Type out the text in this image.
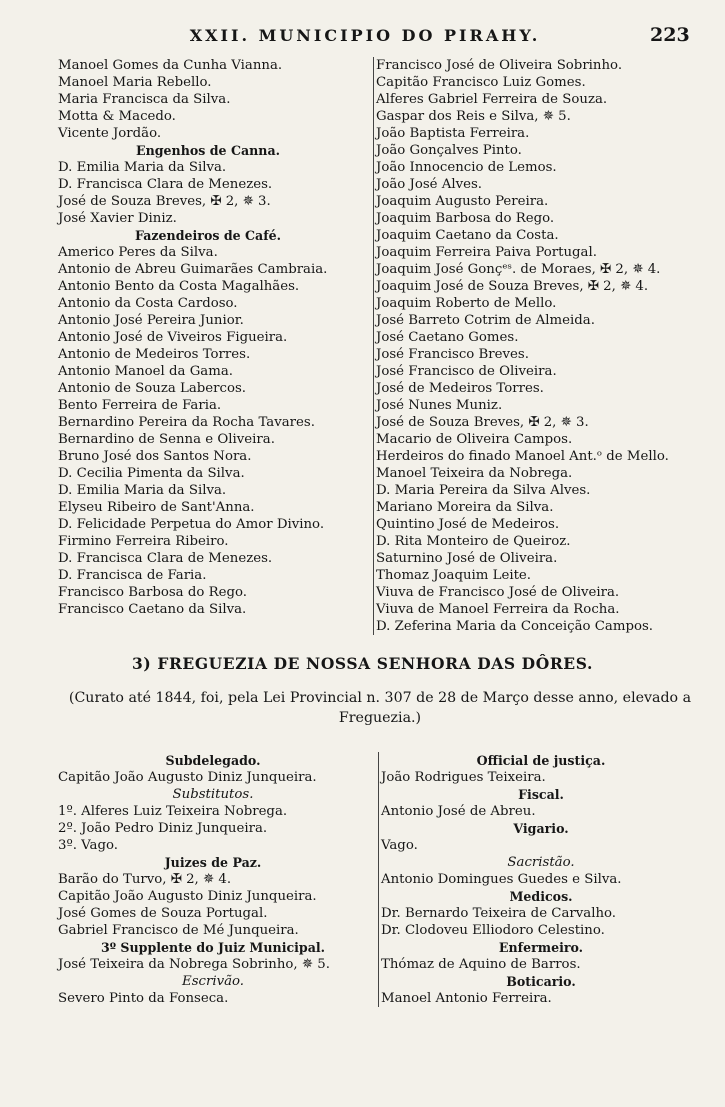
XXII. MUNICIPIO DO PIRAHY.	223
Manoel Gomes da Cunha Vianna.
Manoel Maria Rebello.
Maria Francisca da Silva.
Motta & Macedo.
Vicente Jordão.
Engenhos de Canna.
D. Emilia Maria da Silva.
D. Francisca Clara de Menezes.
José de Souza Breves, ✠ 2, ✵ 3.
José Xavier Diniz.
Fazendeiros de Café.
Americo Peres da Silva.
Antonio de Abreu Guimarães Cambraia.
Antonio Bento da Costa Magalhães.
Antonio da Costa Cardoso.
Antonio José Pereira Junior.
Antonio José de Viveiros Figueira.
Antonio de Medeiros Torres.
Antonio Manoel da Gama.
Antonio de Souza Labercos.
Bento Ferreira de Faria.
Bernardino Pereira da Rocha Tavares.
Bernardino de Senna e Oliveira.
Bruno José dos Santos Nora.
D. Cecilia Pimenta da Silva.
D. Emilia Maria da Silva.
Elyseu Ribeiro de Sant'Anna.
D. Felicidade Perpetua do Amor Divino.
Firmino Ferreira Ribeiro.
D. Francisca Clara de Menezes.
D. Francisca de Faria.
Francisco Barbosa do Rego.
Francisco Caetano da Silva.
Francisco José de Oliveira Sobrinho.
Capitão Francisco Luiz Gomes.
Alferes Gabriel Ferreira de Souza.
Gaspar dos Reis e Silva, ✵ 5.
João Baptista Ferreira.
João Gonçalves Pinto.
João Innocencio de Lemos.
João José Alves.
Joaquim Augusto Pereira.
Joaquim Barbosa do Rego.
Joaquim Caetano da Costa.
Joaquim Ferreira Paiva Portugal.
Joaquim José Gonçᵉˢ. de Moraes, ✠ 2, ✵ 4.
Joaquim José de Souza Breves, ✠ 2, ✵ 4.
Joaquim Roberto de Mello.
José Barreto Cotrim de Almeida.
José Caetano Gomes.
José Francisco Breves.
José Francisco de Oliveira.
José de Medeiros Torres.
José Nunes Muniz.
José de Souza Breves, ✠ 2, ✵ 3.
Macario de Oliveira Campos.
Herdeiros do finado Manoel Ant.ᵒ de Mello.
Manoel Teixeira da Nobrega.
D. Maria Pereira da Silva Alves.
Mariano Moreira da Silva.
Quintino José de Medeiros.
D. Rita Monteiro de Queiroz.
Saturnino José de Oliveira.
Thomaz Joaquim Leite.
Viuva de Francisco José de Oliveira.
Viuva de Manoel Ferreira da Rocha.
D. Zeferina Maria da Conceição Campos.
3) FREGUEZIA DE NOSSA SENHORA DAS DÔRES.
(Curato até 1844, foi, pela Lei Provincial n. 307 de 28 de Março desse anno, elevado a Freguezia.)
Subdelegado.
Capitão João Augusto Diniz Junqueira.
Substitutos.
1º. Alferes Luiz Teixeira Nobrega.
2º. João Pedro Diniz Junqueira.
3º. Vago.
Juizes de Paz.
Barão do Turvo, ✠ 2, ✵ 4.
Capitão João Augusto Diniz Junqueira.
José Gomes de Souza Portugal.
Gabriel Francisco de Mé Junqueira.
3º Supplente do Juiz Municipal.
José Teixeira da Nobrega Sobrinho, ✵ 5.
Escrivão.
Severo Pinto da Fonseca.
Official de justiça.
João Rodrigues Teixeira.
Fiscal.
Antonio José de Abreu.
Vigario.
Vago.
Sacristão.
Antonio Domingues Guedes e Silva.
Medicos.
Dr. Bernardo Teixeira de Carvalho.
Dr. Clodoveu Elliodoro Celestino.
Enfermeiro.
Thómaz de Aquino de Barros.
Boticario.
Manoel Antonio Ferreira.
